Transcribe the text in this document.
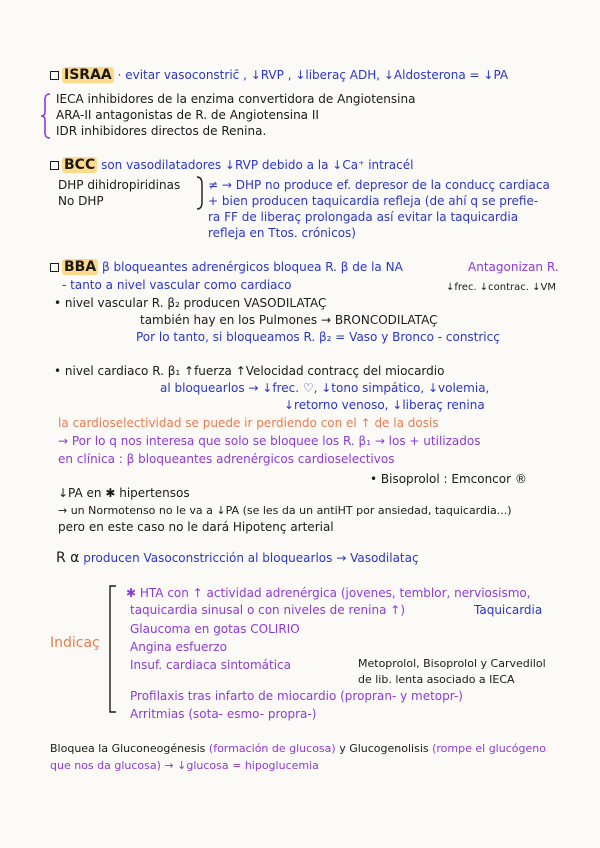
ISRAA · evitar vasoconstric̄ , ↓RVP , ↓liberaç ADH, ↓Aldosterona = ↓PA
IECA inhibidores de la enzima convertidora de Angiotensina
ARA-II antagonistas de R. de Angiotensina II
IDR inhibidores directos de Renina.
BCC son vasodilatadores ↓RVP debido a la ↓Ca⁺ intracél
DHP dihidropiridinas
No DHP
≠ → DHP no produce ef. depresor de la conducç cardiaca
+ bien producen taquicardia refleja (de ahí q se prefie-
ra FF de liberaç prolongada así evitar la taquicardia
refleja en Ttos. crónicos)
BBA β bloqueantes adrenérgicos bloquea R. β de la NA	Antagonizan R.
- tanto a nivel vascular como cardiaco	↓frec. ↓contrac. ↓VM
• nivel vascular R. β₂ producen VASODILATAÇ
también hay en los Pulmones → BRONCODILATAÇ
Por lo tanto, si bloqueamos R. β₂ = Vaso y Bronco - constricç
• nivel cardiaco R. β₁ ↑fuerza ↑Velocidad contracç del miocardio
al bloquearlos → ↓frec. ♡, ↓tono simpático, ↓volemia,
↓retorno venoso, ↓liberaç renina
la cardioselectividad se puede ir perdiendo con el ↑ de la dosis
→ Por lo q nos interesa que solo se bloquee los R. β₁ → los + utilizados
en clínica : β bloqueantes adrenérgicos cardioselectivos
• Bisoprolol : Emconcor ®
↓PA en ✱ hipertensos
→ un Normotenso no le va a ↓PA (se les da un antiHT por ansiedad, taquicardia...)
pero en este caso no le dará Hipotenç arterial
R α producen Vasoconstricción al bloquearlos → Vasodilataç
Indicaç
✱ HTA con ↑ actividad adrenérgica (jovenes, temblor, nerviosismo,
taquicardia sinusal o con niveles de renina ↑)	Taquicardia
Glaucoma en gotas COLIRIO
Angina esfuerzo
Insuf. cardiaca sintomática	Metoprolol, Bisoprolol y Carvedilol
de lib. lenta asociado a IECA
Profilaxis tras infarto de miocardio (propran- y metopr-)
Arritmias (sota- esmo- propra-)
Bloquea la Gluconeogénesis (formación de glucosa) y Glucogenolisis (rompe el glucógeno
que nos da glucosa) → ↓glucosa = hipoglucemia
